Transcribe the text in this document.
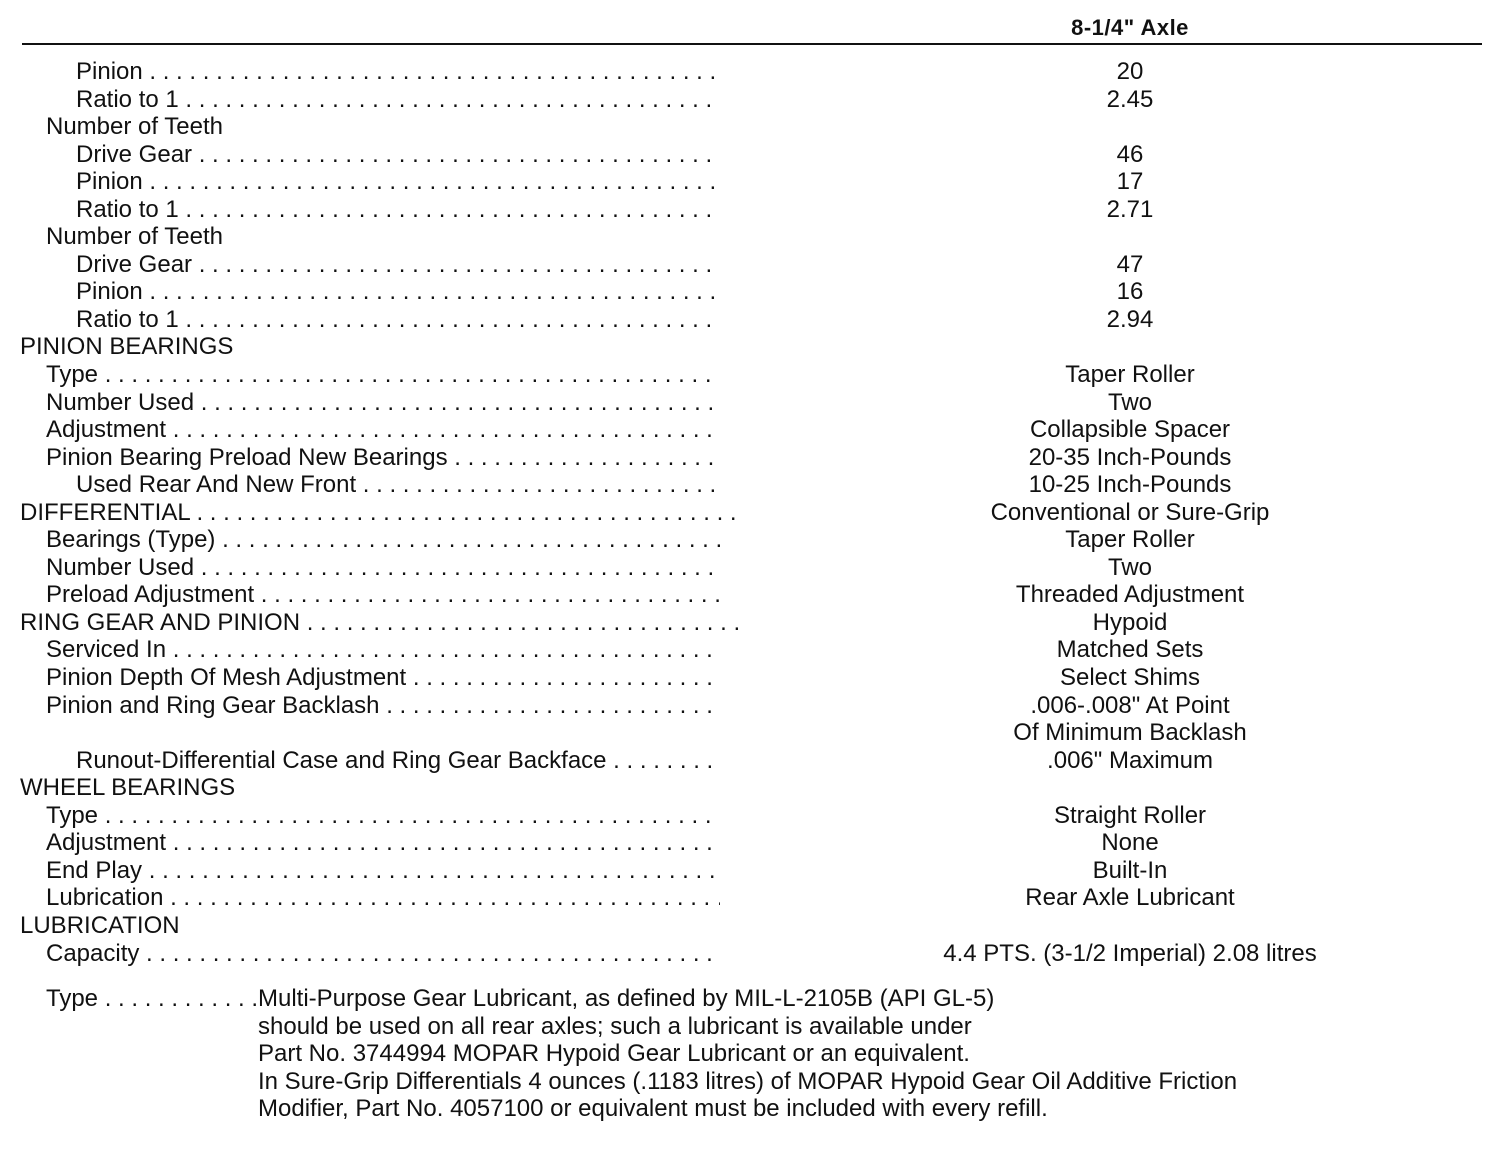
8-1/4" Axle
Pinion . . .	20
Ratio to 1 . . .	2.45
Number of Teeth
Drive Gear . . .	46
Pinion . . .	17
Ratio to 1 . . .	2.71
Number of Teeth
Drive Gear . . .	47
Pinion . . .	16
Ratio to 1 . . .	2.94
PINION BEARINGS
Type . . .	Taper Roller
Number Used . . .	Two
Adjustment . . .	Collapsible Spacer
Pinion Bearing Preload New Bearings . . .	20-35 Inch-Pounds
Used Rear And New Front . . .	10-25 Inch-Pounds
DIFFERENTIAL . . .	Conventional or Sure-Grip
Bearings (Type) . . .	Taper Roller
Number Used . . .	Two
Preload Adjustment . . .	Threaded Adjustment
RING GEAR AND PINION . . .	Hypoid
Serviced In . . .	Matched Sets
Pinion Depth Of Mesh Adjustment . . .	Select Shims
Pinion and Ring Gear Backlash . . .	.006-.008" At Point
Of Minimum Backlash
Runout-Differential Case and Ring Gear Backface . . .	.006" Maximum
WHEEL BEARINGS
Type . . .	Straight Roller
Adjustment . . .	None
End Play . . .	Built-In
Lubrication . . .	Rear Axle Lubricant
LUBRICATION
Capacity . . .	4.4 PTS. (3-1/2 Imperial) 2.08 litres
Type . . .	Multi-Purpose Gear Lubricant, as defined by MIL-L-2105B (API GL-5)
should be used on all rear axles; such a lubricant is available under
Part No. 3744994 MOPAR Hypoid Gear Lubricant or an equivalent.
In Sure-Grip Differentials 4 ounces (.1183 litres) of MOPAR Hypoid Gear Oil Additive Friction
Modifier, Part No. 4057100 or equivalent must be included with every refill.
